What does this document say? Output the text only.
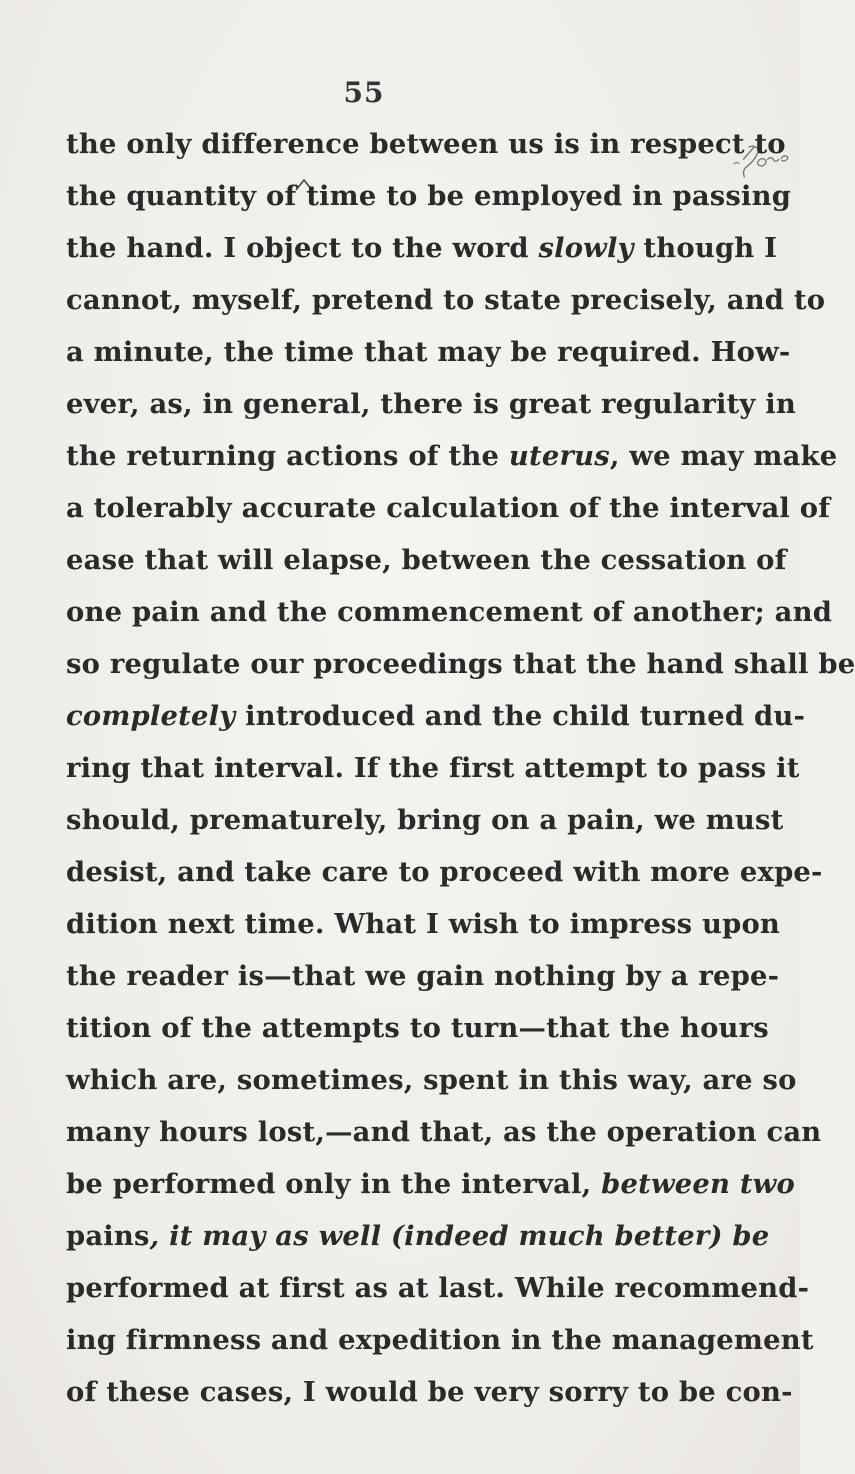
55
the only difference between us is in respect to
the quantity of time to be employed in passing
the hand. I object to the word slowly though I
cannot, myself, pretend to state precisely, and to
a minute, the time that may be required. How-
ever, as, in general, there is great regularity in
the returning actions of the uterus, we may make
a tolerably accurate calculation of the interval of
ease that will elapse, between the cessation of
one pain and the commencement of another; and
so regulate our proceedings that the hand shall be
completely introduced and the child turned du-
ring that interval. If the first attempt to pass it
should, prematurely, bring on a pain, we must
desist, and take care to proceed with more expe-
dition next time. What I wish to impress upon
the reader is—that we gain nothing by a repe-
tition of the attempts to turn—that the hours
which are, sometimes, spent in this way, are so
many hours lost,—and that, as the operation can
be performed only in the interval, between two
pains, it may as well (indeed much better) be
performed at first as at last. While recommend-
ing firmness and expedition in the management
of these cases, I would be very sorry to be con-
